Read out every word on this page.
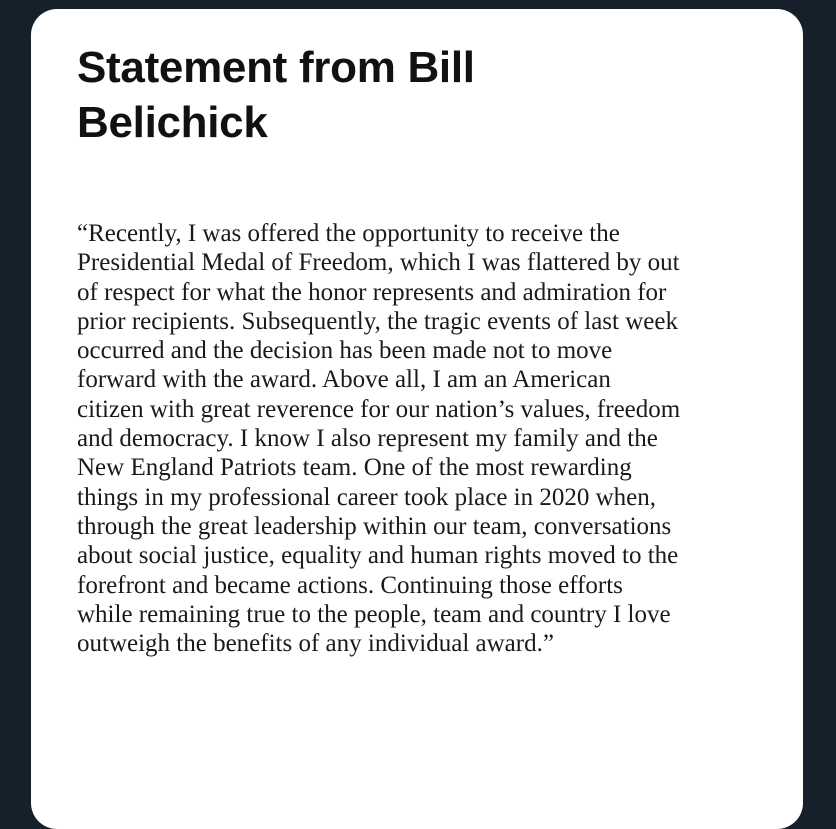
Statement from Bill
Belichick

“Recently, I was offered the opportunity to receive the
Presidential Medal of Freedom, which I was flattered by out
of respect for what the honor represents and admiration for
prior recipients. Subsequently, the tragic events of last week
occurred and the decision has been made not to move
forward with the award. Above all, I am an American
citizen with great reverence for our nation’s values, freedom
and democracy. I know I also represent my family and the
New England Patriots team. One of the most rewarding
things in my professional career took place in 2020 when,
through the great leadership within our team, conversations
about social justice, equality and human rights moved to the
forefront and became actions. Continuing those efforts
while remaining true to the people, team and country I love
outweigh the benefits of any individual award.”
